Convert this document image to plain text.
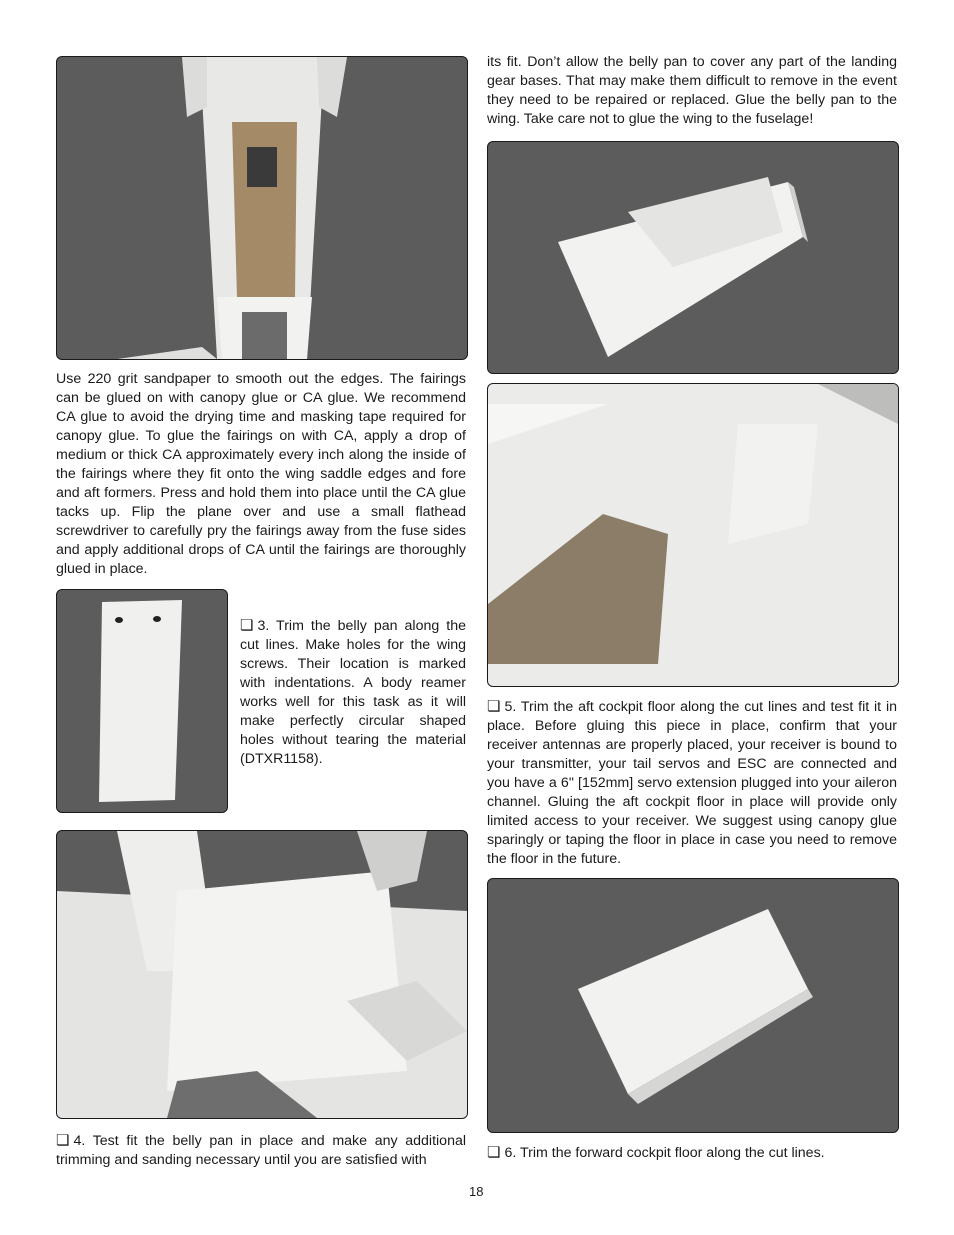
Use 220 grit sandpaper to smooth out the edges. The fairings can be glued on with canopy glue or CA glue. We recommend CA glue to avoid the drying time and masking tape required for canopy glue. To glue the fairings on with CA, apply a drop of medium or thick CA approximately every inch along the inside of the fairings where they fit onto the wing saddle edges and fore and aft formers. Press and hold them into place until the CA glue tacks up. Flip the plane over and use a small flathead screwdriver to carefully pry the fairings away from the fuse sides and apply additional drops of CA until the fairings are thoroughly glued in place.

❏ 3. Trim the belly pan along the cut lines. Make holes for the wing screws. Their location is marked with indentations. A body reamer works well for this task as it will make perfectly circular shaped holes without tearing the material (DTXR1158).

❏ 4. Test fit the belly pan in place and make any additional trimming and sanding necessary until you are satisfied with

its fit. Don’t allow the belly pan to cover any part of the landing gear bases. That may make them difficult to remove in the event they need to be repaired or replaced. Glue the belly pan to the wing. Take care not to glue the wing to the fuselage!

❏ 5. Trim the aft cockpit floor along the cut lines and test fit it in place. Before gluing this piece in place, confirm that your receiver antennas are properly placed, your receiver is bound to your transmitter, your tail servos and ESC are connected and you have a 6" [152mm] servo extension plugged into your aileron channel. Gluing the aft cockpit floor in place will provide only limited access to your receiver. We suggest using canopy glue sparingly or taping the floor in place in case you need to remove the floor in the future.

❏ 6. Trim the forward cockpit floor along the cut lines.

18
